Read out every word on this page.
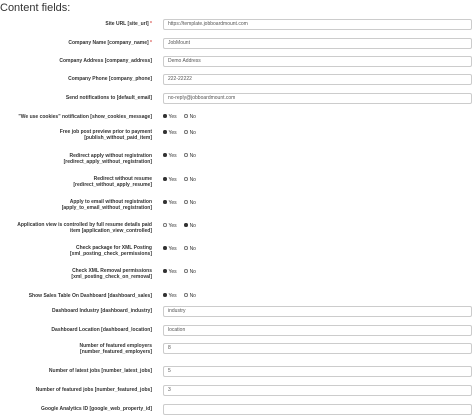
Content fields:
Site URL [site_url] *	https://template.jobboardmount.com
Company Name [company_name] *	JobMount
Company Address [company_address]	Demo Address
Company Phone [company_phone]	222-22222
Send notifications to [default_email]	no-reply@jobboardmount.com
"We use cookies" notification [show_cookies_message]	Yes	No
Free job post preview prior to payment
[publish_without_paid_item]
Yes	No
Redirect apply without registration
[redirect_apply_without_registration]
Yes	No
Redirect without resume
[redirect_without_apply_resume]
Yes	No
Apply to email without registration
[apply_to_email_without_registration]
Yes	No
Application view is controlled by full resume details paid
item [application_view_controlled]
Yes	No
Check package for XML Posting
[xml_posting_check_permissions]
Yes	No
Check XML Removal permissions
[xml_posting_check_on_removal]
Yes	No
Show Sales Table On Dashboard [dashboard_sales]	Yes	No
Dashboard Industry [dashboard_industry]	industry
Dashboard Location [dashboard_location]	location
Number of featured employers
[number_featured_employers]
8
Number of latest jobs [number_latest_jobs]	5
Number of featured jobs [number_featured_jobs]	3
Google Analytics ID [google_web_property_id]
